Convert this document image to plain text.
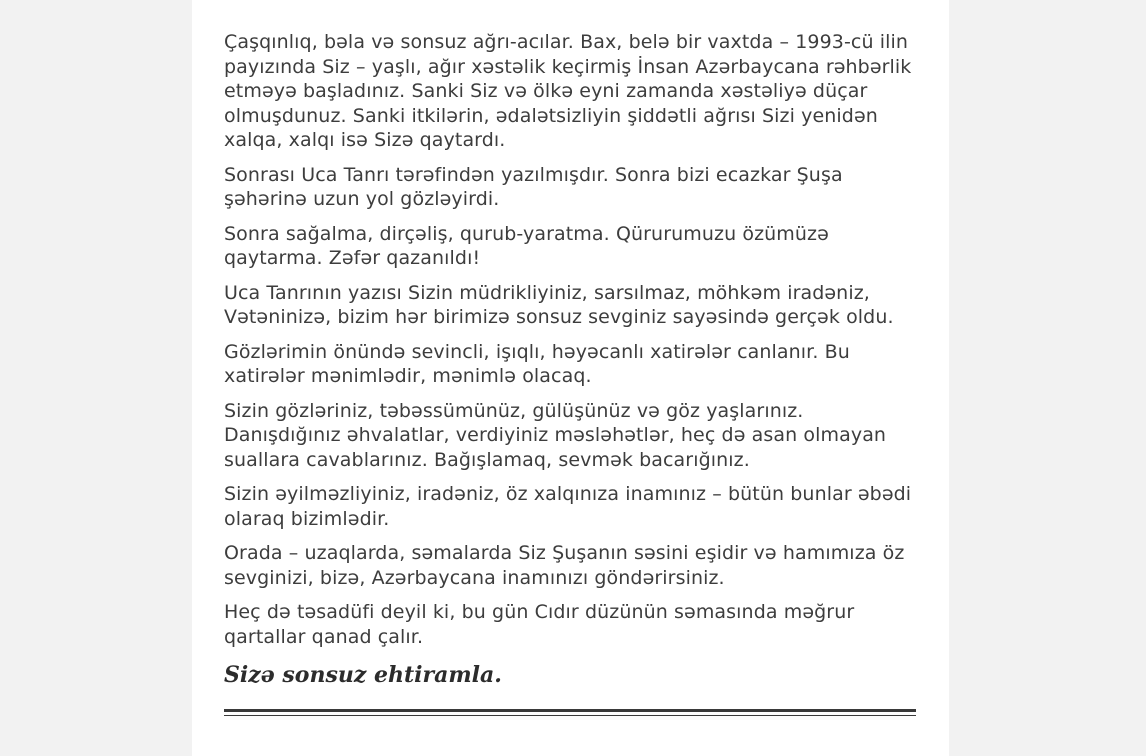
Çaşqınlıq, bəla və sonsuz ağrı-acılar. Bax, belə bir vaxtda – 1993-cü ilin payızında Siz – yaşlı, ağır xəstəlik keçirmiş İnsan Azərbaycana rəhbərlik etməyə başladınız. Sanki Siz və ölkə eyni zamanda xəstəliyə düçar olmuşdunuz. Sanki itkilərin, ədalətsizliyin şiddətli ağrısı Sizi yenidən xalqa, xalqı isə Sizə qaytardı.

Sonrası Uca Tanrı tərəfindən yazılmışdır. Sonra bizi ecazkar Şuşa şəhərinə uzun yol gözləyirdi.

Sonra sağalma, dirçəliş, qurub-yaratma. Qürurumuzu özümüzə qaytarma. Zəfər qazanıldı!

Uca Tanrının yazısı Sizin müdrikliyiniz, sarsılmaz, möhkəm iradəniz, Vətəninizə, bizim hər birimizə sonsuz sevginiz sayəsində gerçək oldu.

Gözlərimin önündə sevincli, işıqlı, həyəcanlı xatirələr canlanır. Bu xatirələr mənimlədir, mənimlə olacaq.

Sizin gözləriniz, təbəssümünüz, gülüşünüz və göz yaşlarınız. Danışdığınız əhvalatlar, verdiyiniz məsləhətlər, heç də asan olmayan suallara cavablarınız. Bağışlamaq, sevmək bacarığınız.

Sizin əyilməzliyiniz, iradəniz, öz xalqınıza inamınız – bütün bunlar əbədi olaraq bizimlədir.

Orada – uzaqlarda, səmalarda Siz Şuşanın səsini eşidir və hamımıza öz sevginizi, bizə, Azərbaycana inamınızı göndərirsiniz.

Heç də təsadüfi deyil ki, bu gün Cıdır düzünün səmasında məğrur qartallar qanad çalır.

Sizə sonsuz ehtiramla.
